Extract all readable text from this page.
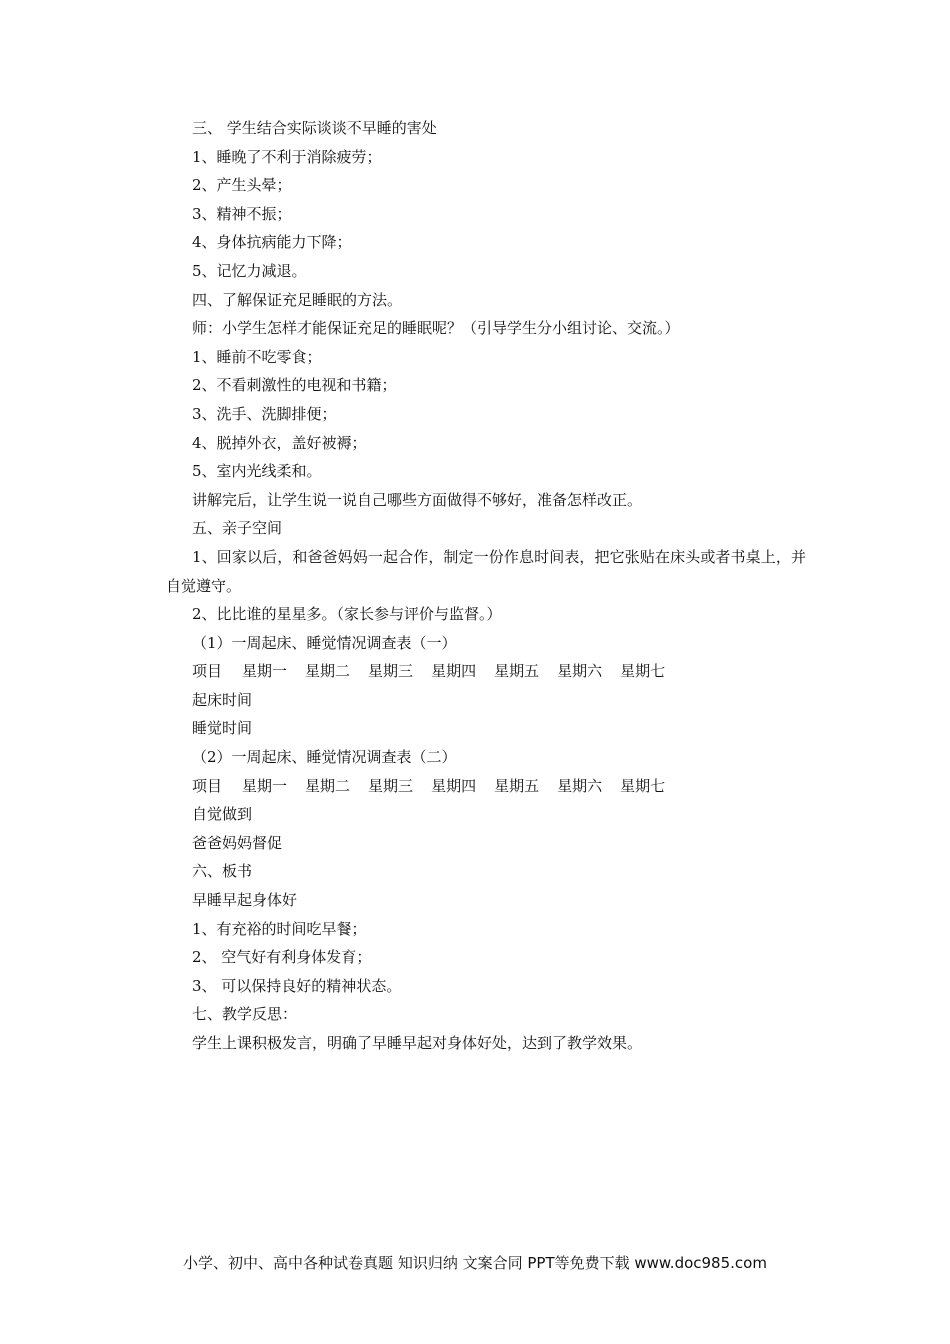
三、 学生结合实际谈谈不早睡的害处
1、睡晚了不利于消除疲劳；
2、产生头晕；
3、精神不振；
4、身体抗病能力下降；
5、记忆力减退。
四、了解保证充足睡眠的方法。
师：小学生怎样才能保证充足的睡眠呢？（引导学生分小组讨论、交流。）
1、睡前不吃零食；
2、不看刺激性的电视和书籍；
3、洗手、洗脚排便；
4、脱掉外衣，盖好被褥；
5、室内光线柔和。
讲解完后，让学生说一说自己哪些方面做得不够好，准备怎样改正。
五、亲子空间
1、回家以后，和爸爸妈妈一起合作，制定一份作息时间表，把它张贴在床头或者书桌上，并自觉遵守。
2、比比谁的星星多。（家长参与评价与监督。）
（1）一周起床、睡觉情况调查表（一）
项目 星期一 星期二 星期三 星期四 星期五 星期六 星期七
起床时间
睡觉时间
（2）一周起床、睡觉情况调查表（二）
项目 星期一 星期二 星期三 星期四 星期五 星期六 星期七
自觉做到
爸爸妈妈督促
六、板书
早睡早起身体好
1、有充裕的时间吃早餐；
2、 空气好有利身体发育；
3、 可以保持良好的精神状态。
七、教学反思：
学生上课积极发言，明确了早睡早起对身体好处，达到了教学效果。
小学、初中、高中各种试卷真题 知识归纳 文案合同 PPT等免费下载 www.doc985.com
